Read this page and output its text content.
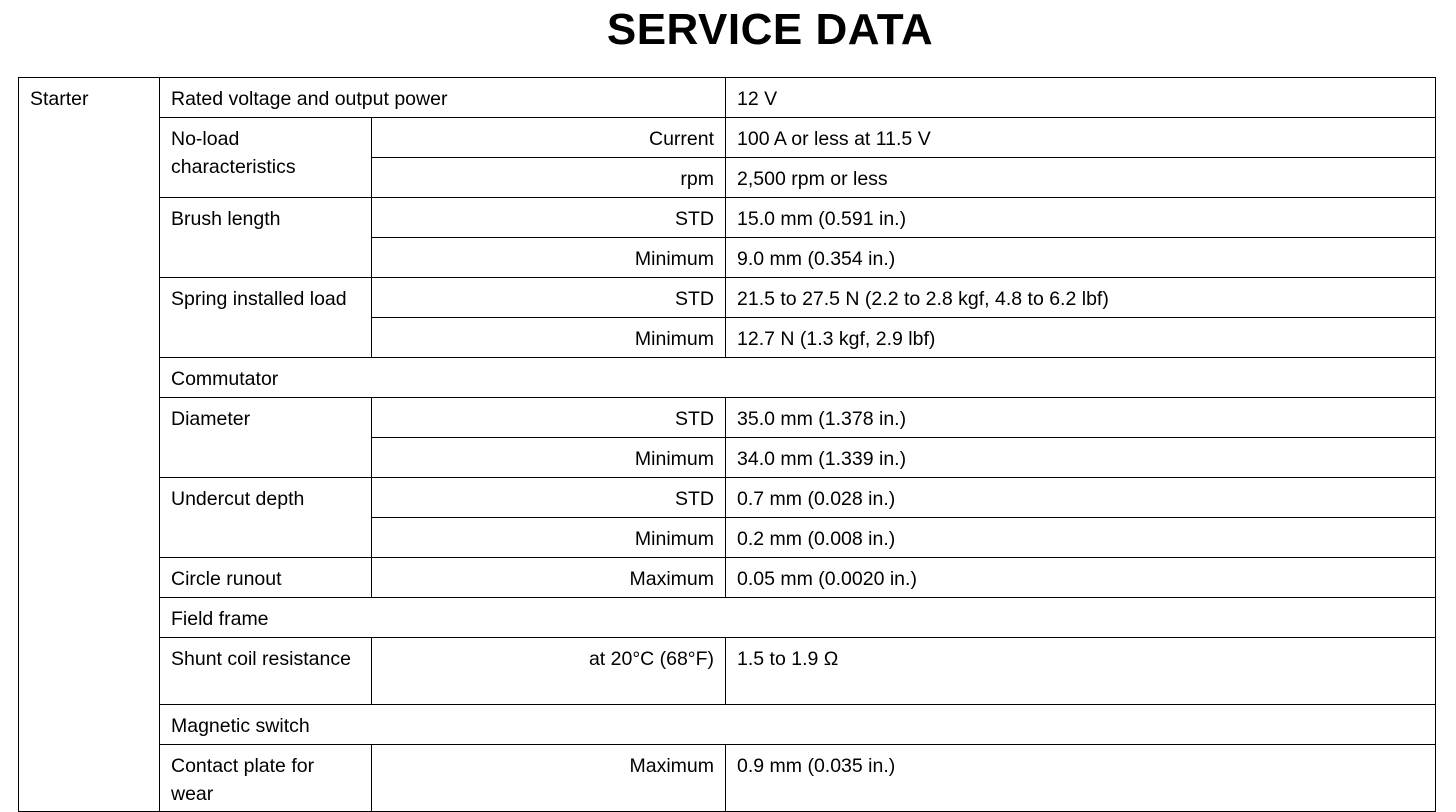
SERVICE DATA
Starter	Rated voltage and output power		12 V
	No-load characteristics	Current	100 A or less at 11.5 V
		rpm	2,500 rpm or less
	Brush length	STD	15.0 mm (0.591 in.)
		Minimum	9.0 mm (0.354 in.)
	Spring installed load	STD	21.5 to 27.5 N (2.2 to 2.8 kgf, 4.8 to 6.2 lbf)
		Minimum	12.7 N (1.3 kgf, 2.9 lbf)
	Commutator		
	Diameter	STD	35.0 mm (1.378 in.)
		Minimum	34.0 mm (1.339 in.)
	Undercut depth	STD	0.7 mm (0.028 in.)
		Minimum	0.2 mm (0.008 in.)
	Circle runout	Maximum	0.05 mm (0.0020 in.)
	Field frame		
	Shunt coil resistance	at 20°C (68°F)	1.5 to 1.9 Ω
	Magnetic switch		
	Contact plate for wear	Maximum	0.9 mm (0.035 in.)
